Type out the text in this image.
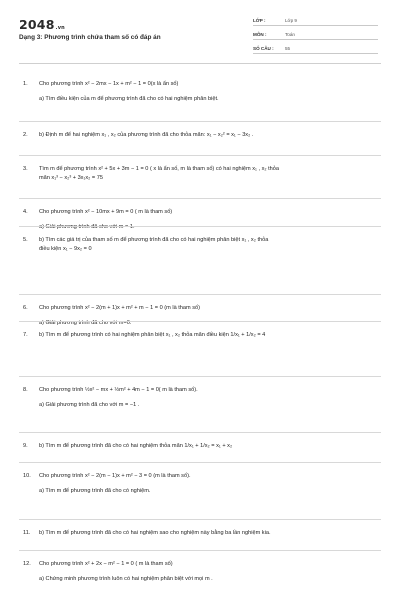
2048.vn
Dạng 3: Phương trình chứa tham số có đáp án
LỚP :	Lớp 9
MÔN :	Toán
SỐ CÂU : 55
1. Cho phương trình x² − 2mx − 1x + m² − 1 = 0(x là ẩn số)
a) Tìm điều kiện của m để phương trình đã cho có hai nghiệm phân biệt.
2. b) Định m để hai nghiệm x₁ , x₂ của phương trình đã cho thỏa mãn: x₁ − x₂² = x₁ − 3x₂ .
3. Tìm m để phương trình x² + 5x + 3m − 1 = 0 ( x là ẩn số, m là tham số) có hai nghiệm x₁ , x₂ thỏa
mãn x₁³ − x₂³ + 3x₁x₂ = 75
4. Cho phương trình x² − 10mx + 9m = 0 ( m là tham số)
a) Giải phương trình đã cho với m = 1.
5. b) Tìm các giá trị của tham số m để phương trình đã cho có hai nghiệm phân biệt x₁ , x₂ thỏa
điều kiện x₁ − 9x₂ = 0
6. Cho phương trình x² − 2(m + 1)x + m² + m − 1 = 0 (m là tham số)
a) Giải phương trình đã cho với m=0.
7. b) Tìm m để phương trình có hai nghiệm phân biệt x₁ , x₂ thỏa mãn điều kiện 1/x₁ + 1/x₂ = 4
8. Cho phương trình ½x² − mx + ½m² + 4m − 1 = 0( m là tham số).
a) Giải phương trình đã cho với m = −1 .
9. b) Tìm m để phương trình đã cho có hai nghiệm thỏa mãn 1/x₁ + 1/x₂ = x₁ + x₂
10. Cho phương trình x² − 2(m − 1)x + m² − 3 = 0 (m là tham số).
a) Tìm m để phương trình đã cho có nghiệm.
11. b) Tìm m để phương trình đã cho có hai nghiệm sao cho nghiệm này bằng ba lần nghiệm kia.
12. Cho phương trình x² + 2x − m² − 1 = 0 ( m là tham số)
a) Chứng minh phương trình luôn có hai nghiệm phân biệt với mọi m .
